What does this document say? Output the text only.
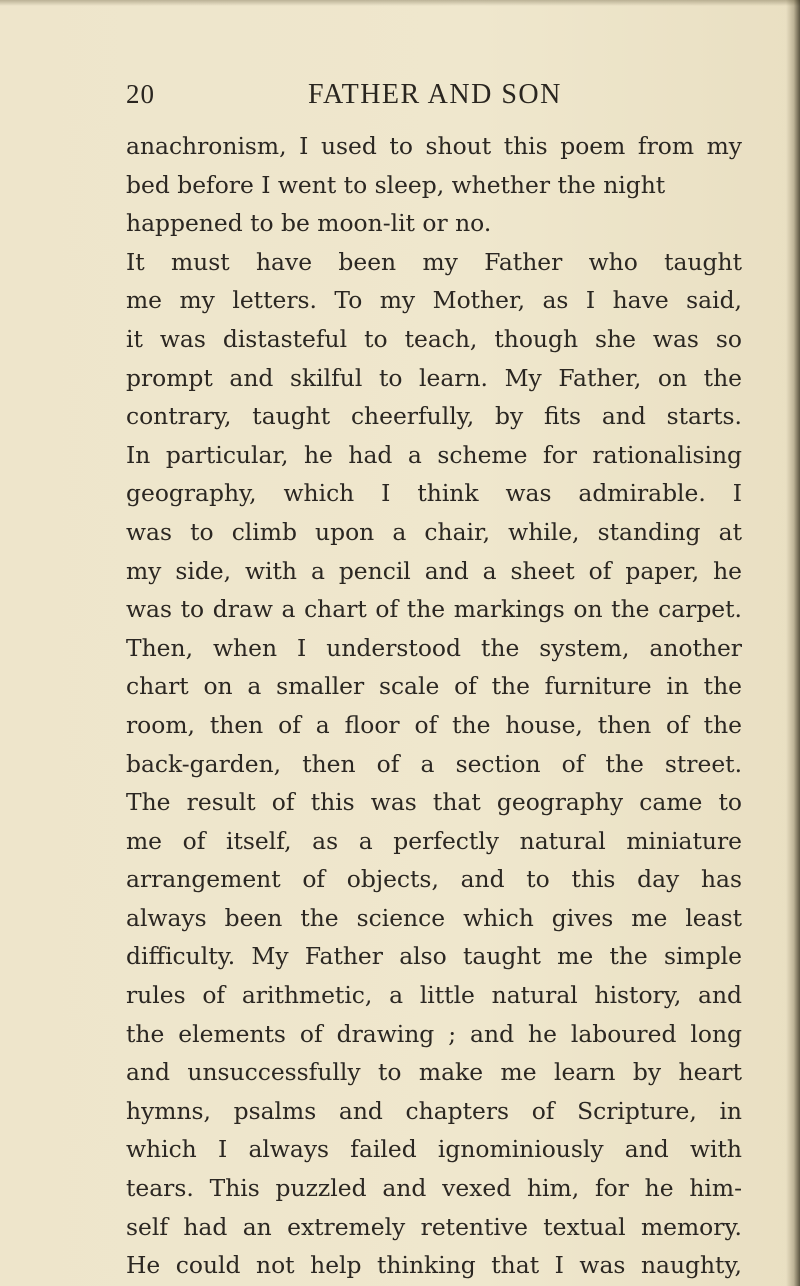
20	FATHER AND SON
anachronism, I used to shout this poem from my
bed before I went to sleep, whether the night
happened to be moon-lit or no.
It must have been my Father who taught
me my letters. To my Mother, as I have said,
it was distasteful to teach, though she was so
prompt and skilful to learn. My Father, on the
contrary, taught cheerfully, by fits and starts.
In particular, he had a scheme for rationalising
geography, which I think was admirable. I
was to climb upon a chair, while, standing at
my side, with a pencil and a sheet of paper, he
was to draw a chart of the markings on the carpet.
Then, when I understood the system, another
chart on a smaller scale of the furniture in the
room, then of a floor of the house, then of the
back-garden, then of a section of the street.
The result of this was that geography came to
me of itself, as a perfectly natural miniature
arrangement of objects, and to this day has
always been the science which gives me least
difficulty. My Father also taught me the simple
rules of arithmetic, a little natural history, and
the elements of drawing ; and he laboured long
and unsuccessfully to make me learn by heart
hymns, psalms and chapters of Scripture, in
which I always failed ignominiously and with
tears. This puzzled and vexed him, for he him-
self had an extremely retentive textual memory.
He could not help thinking that I was naughty,
